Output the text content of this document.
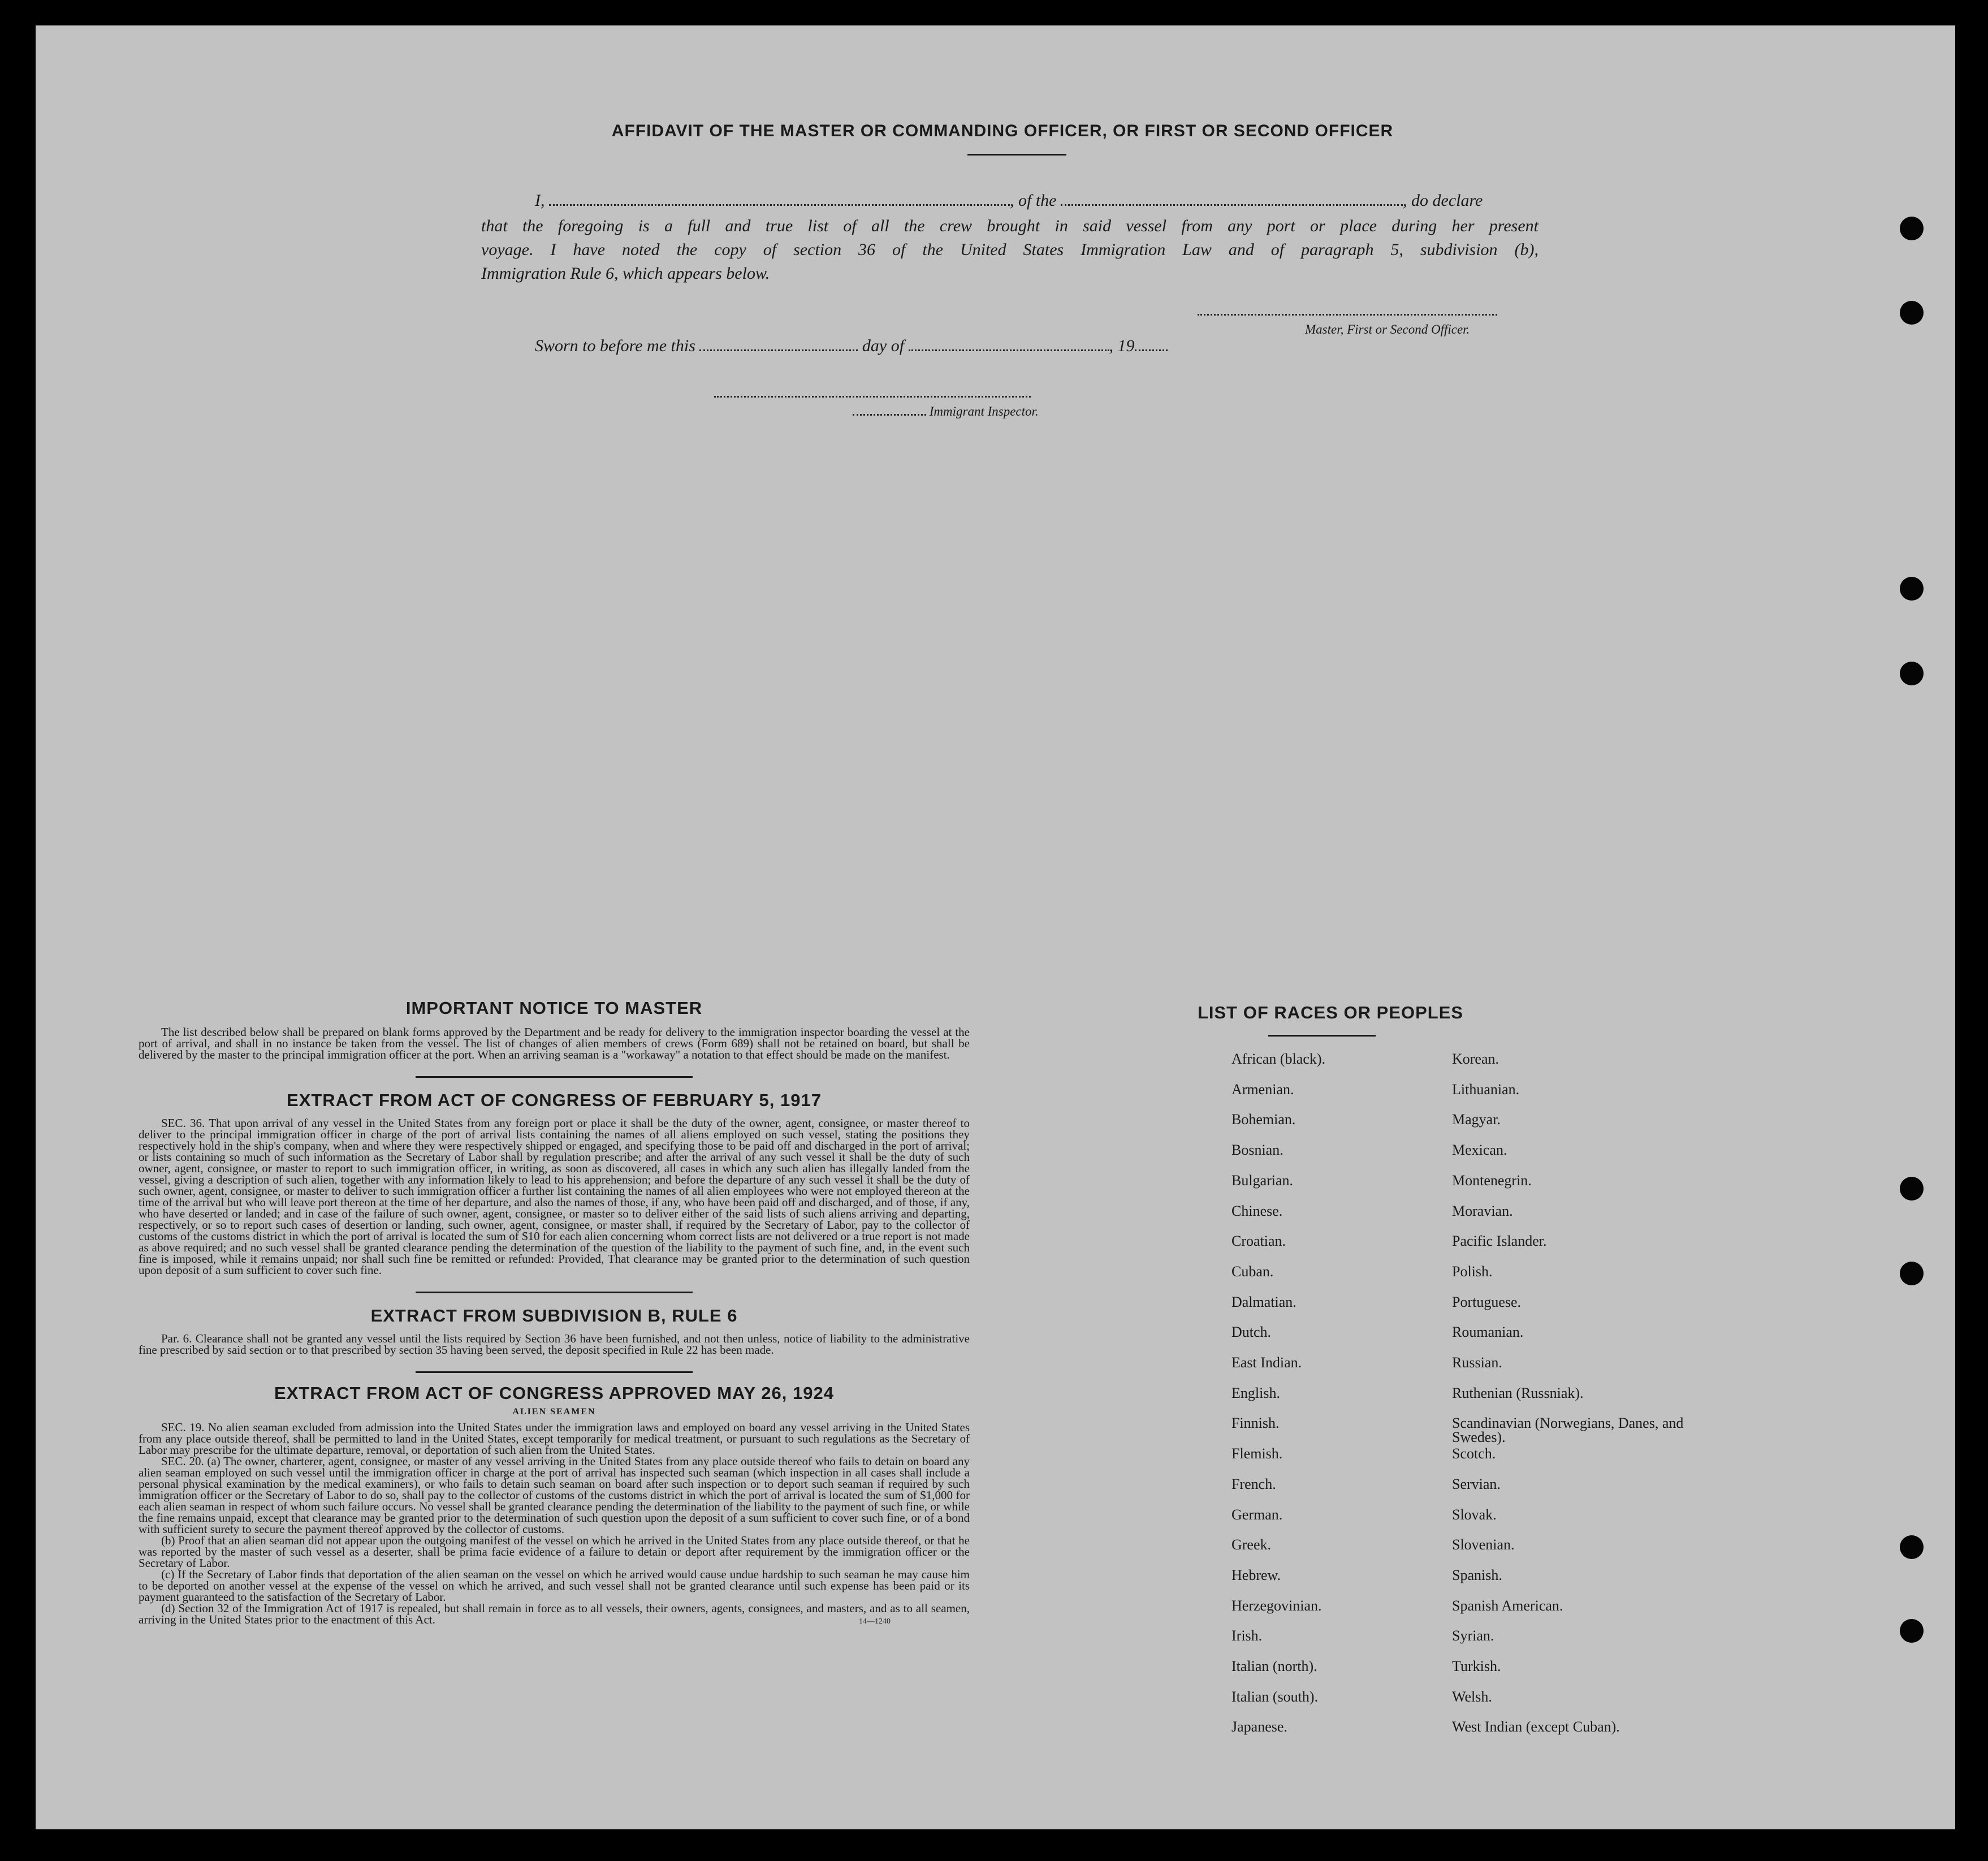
AFFIDAVIT OF THE MASTER OR COMMANDING OFFICER, OR FIRST OR SECOND OFFICER
I,	, of the	, do declare
that the foregoing is a full and true list of all the crew brought in said vessel from any port or place during her present
voyage. I have noted the copy of section 36 of the United States Immigration Law and of paragraph 5, subdivision (b),
Immigration Rule 6, which appears below.
Master, First or Second Officer.
Sworn to before me this	day of	, 19
Immigrant Inspector.
IMPORTANT NOTICE TO MASTER

The list described below shall be prepared on blank forms approved by the Department and be ready for delivery to the immigration inspector boarding the vessel at the port of arrival, and shall in no instance be taken from the vessel. The list of changes of alien members of crews (Form 689) shall not be retained on board, but shall be delivered by the master to the principal immigration officer at the port. When an arriving seaman is a "workaway" a notation to that effect should be made on the manifest.

EXTRACT FROM ACT OF CONGRESS OF FEBRUARY 5, 1917

SEC. 36. That upon arrival of any vessel in the United States from any foreign port or place it shall be the duty of the owner, agent, consignee, or master thereof to deliver to the principal immigration officer in charge of the port of arrival lists containing the names of all aliens employed on such vessel, stating the positions they respectively hold in the ship's company, when and where they were respectively shipped or engaged, and specifying those to be paid off and discharged in the port of arrival; or lists containing so much of such information as the Secretary of Labor shall by regulation prescribe; and after the arrival of any such vessel it shall be the duty of such owner, agent, consignee, or master to report to such immigration officer, in writing, as soon as discovered, all cases in which any such alien has illegally landed from the vessel, giving a description of such alien, together with any information likely to lead to his apprehension; and before the departure of any such vessel it shall be the duty of such owner, agent, consignee, or master to deliver to such immigration officer a further list containing the names of all alien employees who were not employed thereon at the time of the arrival but who will leave port thereon at the time of her departure, and also the names of those, if any, who have been paid off and discharged, and of those, if any, who have deserted or landed; and in case of the failure of such owner, agent, consignee, or master so to deliver either of the said lists of such aliens arriving and departing, respectively, or so to report such cases of desertion or landing, such owner, agent, consignee, or master shall, if required by the Secretary of Labor, pay to the collector of customs of the customs district in which the port of arrival is located the sum of $10 for each alien concerning whom correct lists are not delivered or a true report is not made as above required; and no such vessel shall be granted clearance pending the determination of the question of the liability to the payment of such fine, and, in the event such fine is imposed, while it remains unpaid; nor shall such fine be remitted or refunded: Provided, That clearance may be granted prior to the determination of such question upon deposit of a sum sufficient to cover such fine.

EXTRACT FROM SUBDIVISION B, RULE 6

Par. 6. Clearance shall not be granted any vessel until the lists required by Section 36 have been furnished, and not then unless, notice of liability to the administrative fine prescribed by said section or to that prescribed by section 35 having been served, the deposit specified in Rule 22 has been made.

EXTRACT FROM ACT OF CONGRESS APPROVED MAY 26, 1924
ALIEN SEAMEN

SEC. 19. No alien seaman excluded from admission into the United States under the immigration laws and employed on board any vessel arriving in the United States from any place outside thereof, shall be permitted to land in the United States, except temporarily for medical treatment, or pursuant to such regulations as the Secretary of Labor may prescribe for the ultimate departure, removal, or deportation of such alien from the United States.

SEC. 20. (a) The owner, charterer, agent, consignee, or master of any vessel arriving in the United States from any place outside thereof who fails to detain on board any alien seaman employed on such vessel until the immigration officer in charge at the port of arrival has inspected such seaman (which inspection in all cases shall include a personal physical examination by the medical examiners), or who fails to detain such seaman on board after such inspection or to deport such seaman if required by such immigration officer or the Secretary of Labor to do so, shall pay to the collector of customs of the customs district in which the port of arrival is located the sum of $1,000 for each alien seaman in respect of whom such failure occurs. No vessel shall be granted clearance pending the determination of the liability to the payment of such fine, or while the fine remains unpaid, except that clearance may be granted prior to the determination of such question upon the deposit of a sum sufficient to cover such fine, or of a bond with sufficient surety to secure the payment thereof approved by the collector of customs.

(b) Proof that an alien seaman did not appear upon the outgoing manifest of the vessel on which he arrived in the United States from any place outside thereof, or that he was reported by the master of such vessel as a deserter, shall be prima facie evidence of a failure to detain or deport after requirement by the immigration officer or the Secretary of Labor.

(c) If the Secretary of Labor finds that deportation of the alien seaman on the vessel on which he arrived would cause undue hardship to such seaman he may cause him to be deported on another vessel at the expense of the vessel on which he arrived, and such vessel shall not be granted clearance until such expense has been paid or its payment guaranteed to the satisfaction of the Secretary of Labor.

(d) Section 32 of the Immigration Act of 1917 is repealed, but shall remain in force as to all vessels, their owners, agents, consignees, and masters, and as to all seamen, arriving in the United States prior to the enactment of this Act.	14—1240
LIST OF RACES OR PEOPLES
African (black).
Armenian.
Bohemian.
Bosnian.
Bulgarian.
Chinese.
Croatian.
Cuban.
Dalmatian.
Dutch.
East Indian.
English.
Finnish.
Flemish.
French.
German.
Greek.
Hebrew.
Herzegovinian.
Irish.
Italian (north).
Italian (south).
Japanese.
Korean.
Lithuanian.
Magyar.
Mexican.
Montenegrin.
Moravian.
Pacific Islander.
Polish.
Portuguese.
Roumanian.
Russian.
Ruthenian (Russniak).
Scandinavian (Norwegians, Danes, and Swedes).
Scotch.
Servian.
Slovak.
Slovenian.
Spanish.
Spanish American.
Syrian.
Turkish.
Welsh.
West Indian (except Cuban).
